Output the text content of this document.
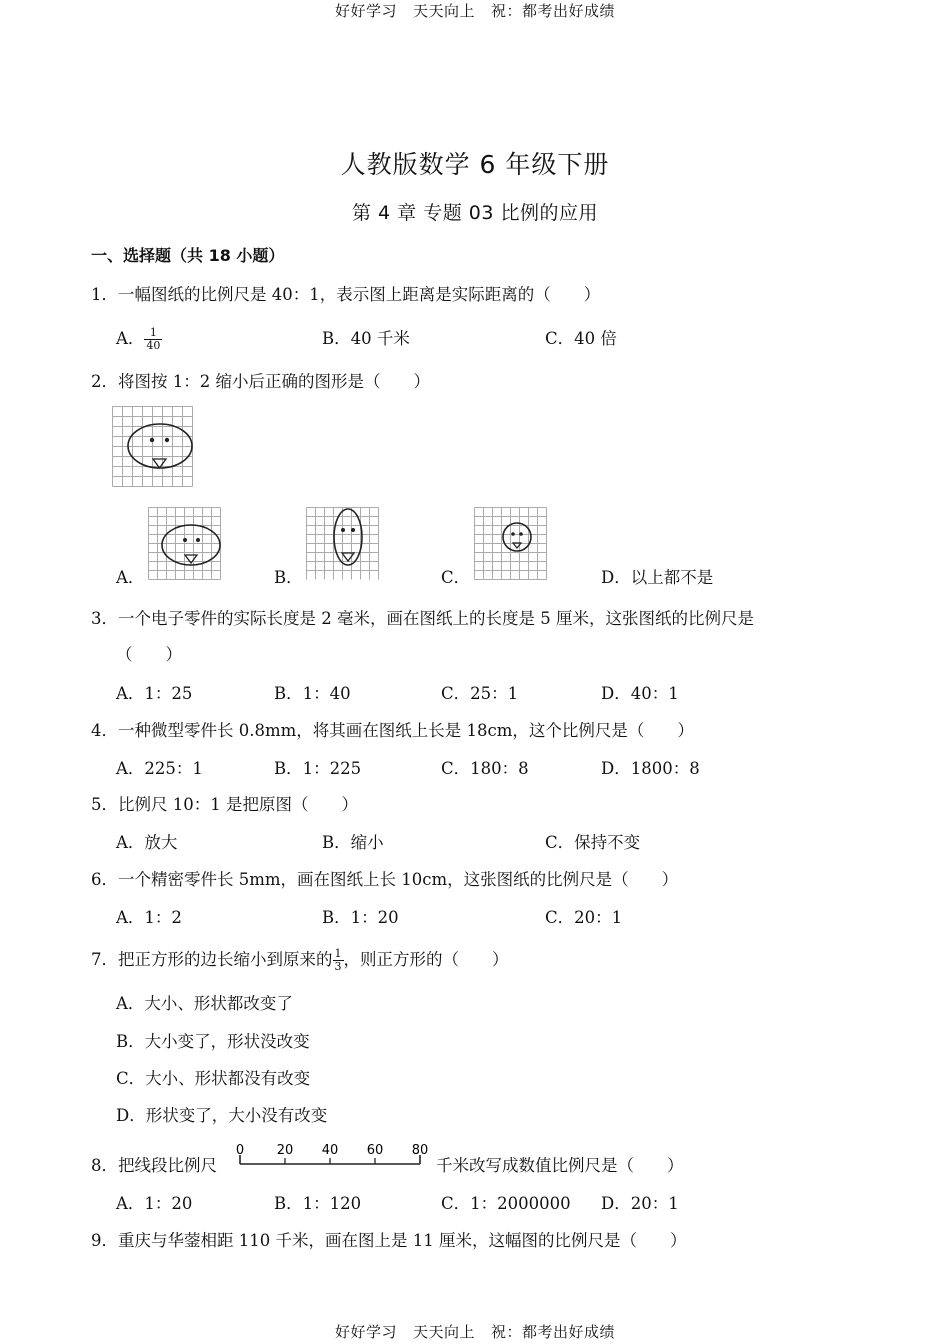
好好学习 天天向上 祝：都考出好成绩
好好学习 天天向上 祝：都考出好成绩
人教版数学 6 年级下册
第 4 章 专题 03 比例的应用
一、选择题（共 18 小题）
1．一幅图纸的比例尺是 40：1，表示图上距离是实际距离的（　　）
A． $\frac{1}{40}$	B．40 千米	C．40 倍
2．将图按 1：2 缩小后正确的图形是（　　）
A．	B．	C．	D．以上都不是
3．一个电子零件的实际长度是 2 毫米，画在图纸上的长度是 5 厘米，这张图纸的比例尺是
（　　）
A．1：25	B．1：40	C．25：1	D．40：1
4．一种微型零件长 0.8mm，将其画在图纸上长是 18cm，这个比例尺是（　　）
A．225：1	B．1：225	C．180：8	D．1800：8
5．比例尺 10：1 是把原图（　　）
A．放大	B．缩小	C．保持不变
6．一个精密零件长 5mm，画在图纸上长 10cm，这张图纸的比例尺是（　　）
A．1：2	B．1：20	C．20：1
7．把正方形的边长缩小到原来的 $\frac{1}{3}$ ，则正方形的（　　）
A．大小、形状都改变了
B．大小变了，形状没改变
C．大小、形状都没有改变
D．形状变了，大小没有改变
8．把线段比例尺
0	20 40 60 80
千米改写成数值比例尺是（　　）
A．1：20	B．1：120	C．1：2000000 D．20：1
9．重庆与华蓥相距 110 千米，画在图上是 11 厘米，这幅图的比例尺是（　　）
